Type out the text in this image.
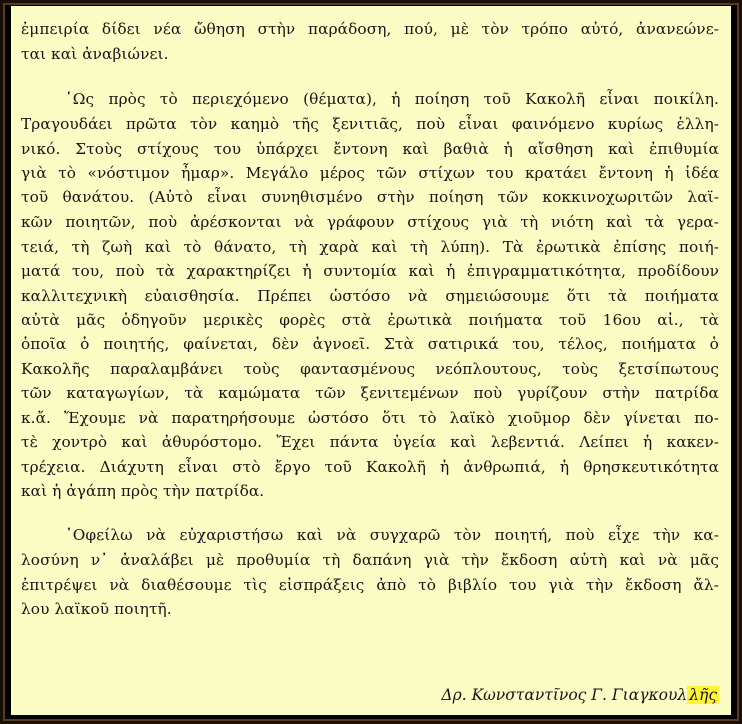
ἐμπειρία δίδει νέα ὤθηση στὴν παράδοση, πού, μὲ τὸν τρόπο αὐτό, ἀνανεώνε-
ται καὶ ἀναβιώνει.
῾Ως πρὸς τὸ περιεχόμενο (θέματα), ἡ ποίηση τοῦ Κακολῆ εἶναι ποικίλη.
Τραγουδάει πρῶτα τὸν καημὸ τῆς ξενιτιᾶς, ποὺ εἶναι φαινόμενο κυρίως ἑλλη-
νικό. Στοὺς στίχους του ὑπάρχει ἔντονη καὶ βαθιὰ ἡ αἴσθηση καὶ ἐπιθυμία
γιὰ τὸ «νόστιμον ἦμαρ». Μεγάλο μέρος τῶν στίχων του κρατάει ἔντονη ἡ ἰδέα
τοῦ θανάτου. (Αὐτὸ εἶναι συνηθισμένο στὴν ποίηση τῶν κοκκινοχωριτῶν λαϊ-
κῶν ποιητῶν, ποὺ ἀρέσκονται νὰ γράφουν στίχους γιὰ τὴ νιότη καὶ τὰ γερα-
τειά, τὴ ζωὴ καὶ τὸ θάνατο, τὴ χαρὰ καὶ τὴ λύπη). Τὰ ἐρωτικὰ ἐπίσης ποιή-
ματά του, ποὺ τὰ χαρακτηρίζει ἡ συντομία καὶ ἡ ἐπιγραμματικότητα, προδίδουν
καλλιτεχνικὴ εὐαισθησία. Πρέπει ὡστόσο νὰ σημειώσουμε ὅτι τὰ ποιήματα
αὐτὰ μᾶς ὁδηγοῦν μερικὲς φορὲς στὰ ἐρωτικὰ ποιήματα τοῦ 16ου αἰ., τὰ
ὁποῖα ὁ ποιητής, φαίνεται, δὲν ἀγνοεῖ. Στὰ σατιρικά του, τέλος, ποιήματα ὁ
Κακολῆς παραλαμβάνει τοὺς φαντασμένους νεόπλουτους, τοὺς ξετσίπωτους
τῶν καταγωγίων, τὰ καμώματα τῶν ξενιτεμένων ποὺ γυρίζουν στὴν πατρίδα
κ.ἄ. Ἔχουμε νὰ παρατηρήσουμε ὡστόσο ὅτι τὸ λαϊκὸ χιοῦμορ δὲν γίνεται πο-
τὲ χοντρὸ καὶ ἀθυρόστομο. Ἔχει πάντα ὑγεία καὶ λεβεντιά. Λείπει ἡ κακεν-
τρέχεια. Διάχυτη εἶναι στὸ ἔργο τοῦ Κακολῆ ἡ ἀνθρωπιά, ἡ θρησκευτικότητα
καὶ ἡ ἀγάπη πρὸς τὴν πατρίδα.
᾿Οφείλω νὰ εὐχαριστήσω καὶ νὰ συγχαρῶ τὸν ποιητή, ποὺ εἶχε τὴν κα-
λοσύνη ν᾿ ἀναλάβει μὲ προθυμία τὴ δαπάνη γιὰ τὴν ἔκδοση αὐτὴ καὶ νὰ μᾶς
ἐπιτρέψει νὰ διαθέσουμε τὶς εἰσπράξεις ἀπὸ τὸ βιβλίο του γιὰ τὴν ἔκδοση ἄλ-
λου λαϊκοῦ ποιητῆ.
Δρ. Κωνσταντῖνος Γ. Γιαγκουλ λῆς
